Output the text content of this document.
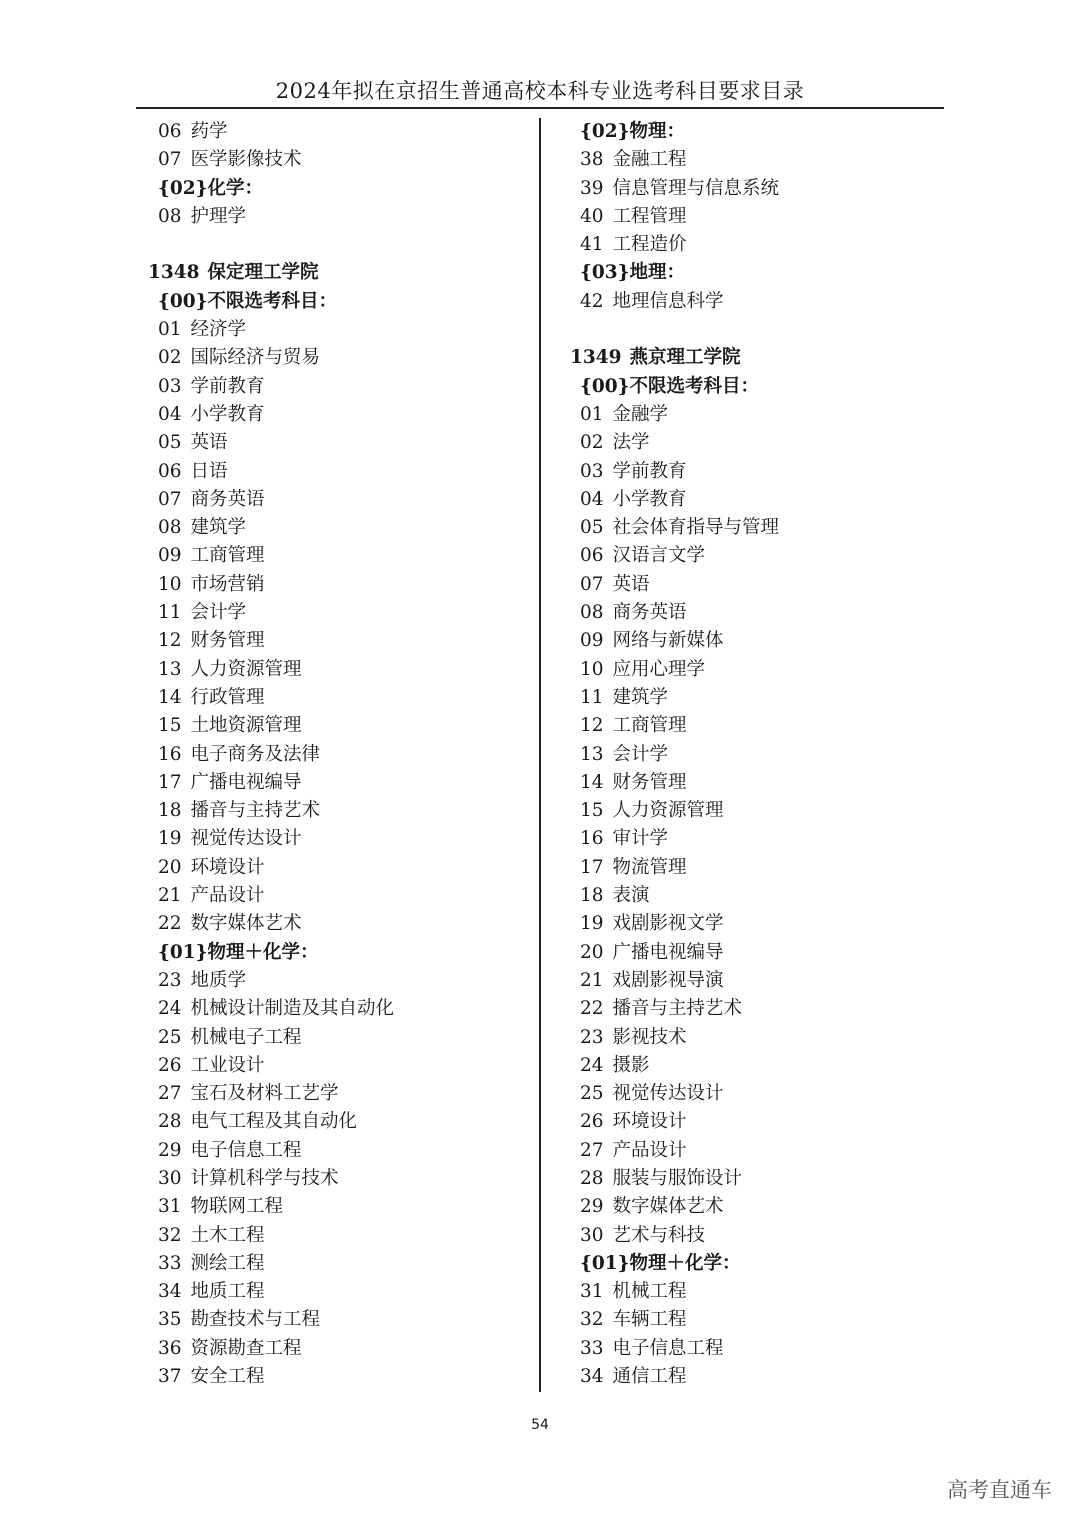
2024年拟在京招生普通高校本科专业选考科目要求目录
06 药学
07 医学影像技术
{02}化学：
08 护理学
1348 保定理工学院
{00}不限选考科目：
01 经济学
02 国际经济与贸易
03 学前教育
04 小学教育
05 英语
06 日语
07 商务英语
08 建筑学
09 工商管理
10 市场营销
11 会计学
12 财务管理
13 人力资源管理
14 行政管理
15 土地资源管理
16 电子商务及法律
17 广播电视编导
18 播音与主持艺术
19 视觉传达设计
20 环境设计
21 产品设计
22 数字媒体艺术
{01}物理＋化学：
23 地质学
24 机械设计制造及其自动化
25 机械电子工程
26 工业设计
27 宝石及材料工艺学
28 电气工程及其自动化
29 电子信息工程
30 计算机科学与技术
31 物联网工程
32 土木工程
33 测绘工程
34 地质工程
35 勘查技术与工程
36 资源勘查工程
37 安全工程
{02}物理：
38 金融工程
39 信息管理与信息系统
40 工程管理
41 工程造价
{03}地理：
42 地理信息科学
1349 燕京理工学院
{00}不限选考科目：
01 金融学
02 法学
03 学前教育
04 小学教育
05 社会体育指导与管理
06 汉语言文学
07 英语
08 商务英语
09 网络与新媒体
10 应用心理学
11 建筑学
12 工商管理
13 会计学
14 财务管理
15 人力资源管理
16 审计学
17 物流管理
18 表演
19 戏剧影视文学
20 广播电视编导
21 戏剧影视导演
22 播音与主持艺术
23 影视技术
24 摄影
25 视觉传达设计
26 环境设计
27 产品设计
28 服装与服饰设计
29 数字媒体艺术
30 艺术与科技
{01}物理＋化学：
31 机械工程
32 车辆工程
33 电子信息工程
34 通信工程
54
高考直通车
